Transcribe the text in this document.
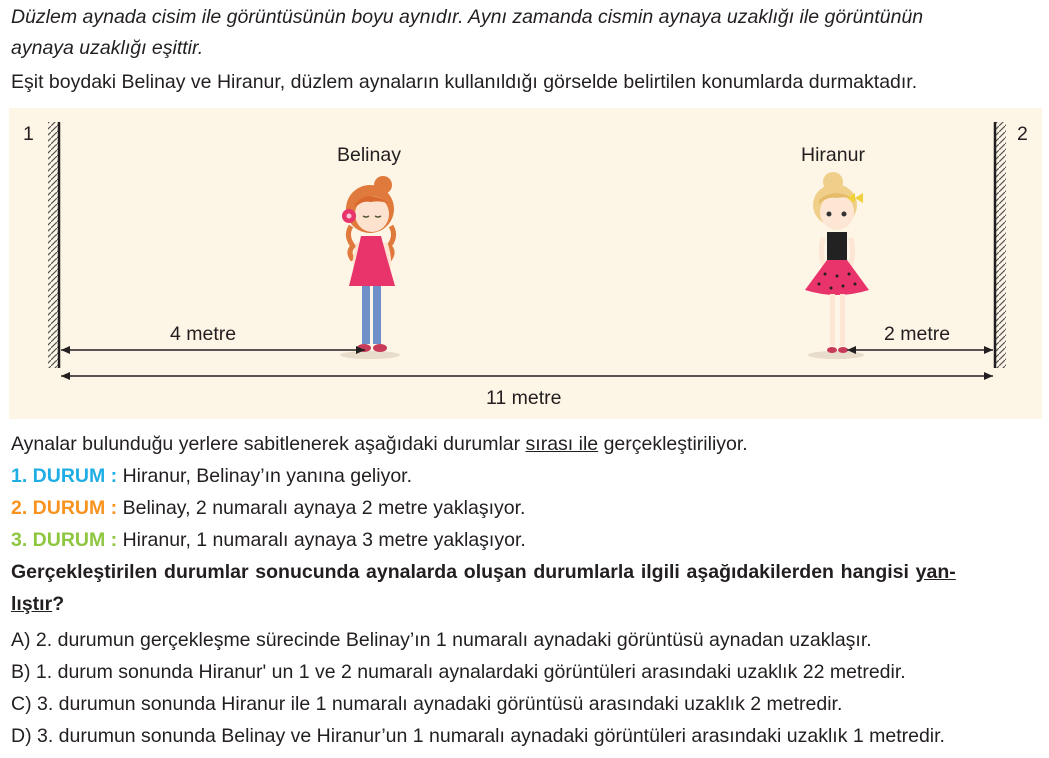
Düzlem aynada cisim ile görüntüsünün boyu aynıdır. Aynı zamanda cismin aynaya uzaklığı ile görüntünün
aynaya uzaklığı eşittir.
Eşit boydaki Belinay ve Hiranur, düzlem aynaların kullanıldığı görselde belirtilen konumlarda durmaktadır.
1	2
Belinay	Hiranur
4 metre	2 metre
11 metre
Aynalar bulunduğu yerlere sabitlenerek aşağıdaki durumlar sırası ile gerçekleştiriliyor.
1. DURUM : Hiranur, Belinay’ın yanına geliyor.
2. DURUM : Belinay, 2 numaralı aynaya 2 metre yaklaşıyor.
3. DURUM : Hiranur, 1 numaralı aynaya 3 metre yaklaşıyor.
Gerçekleştirilen durumlar sonucunda aynalarda oluşan durumlarla ilgili aşağıdakilerden hangisi yan-
lıştır?
A) 2. durumun gerçekleşme sürecinde Belinay’ın 1 numaralı aynadaki görüntüsü aynadan uzaklaşır.
B) 1. durum sonunda Hiranur' un 1 ve 2 numaralı aynalardaki görüntüleri arasındaki uzaklık 22 metredir.
C) 3. durumun sonunda Hiranur ile 1 numaralı aynadaki görüntüsü arasındaki uzaklık 2 metredir.
D) 3. durumun sonunda Belinay ve Hiranur’un 1 numaralı aynadaki görüntüleri arasındaki uzaklık 1 metredir.
